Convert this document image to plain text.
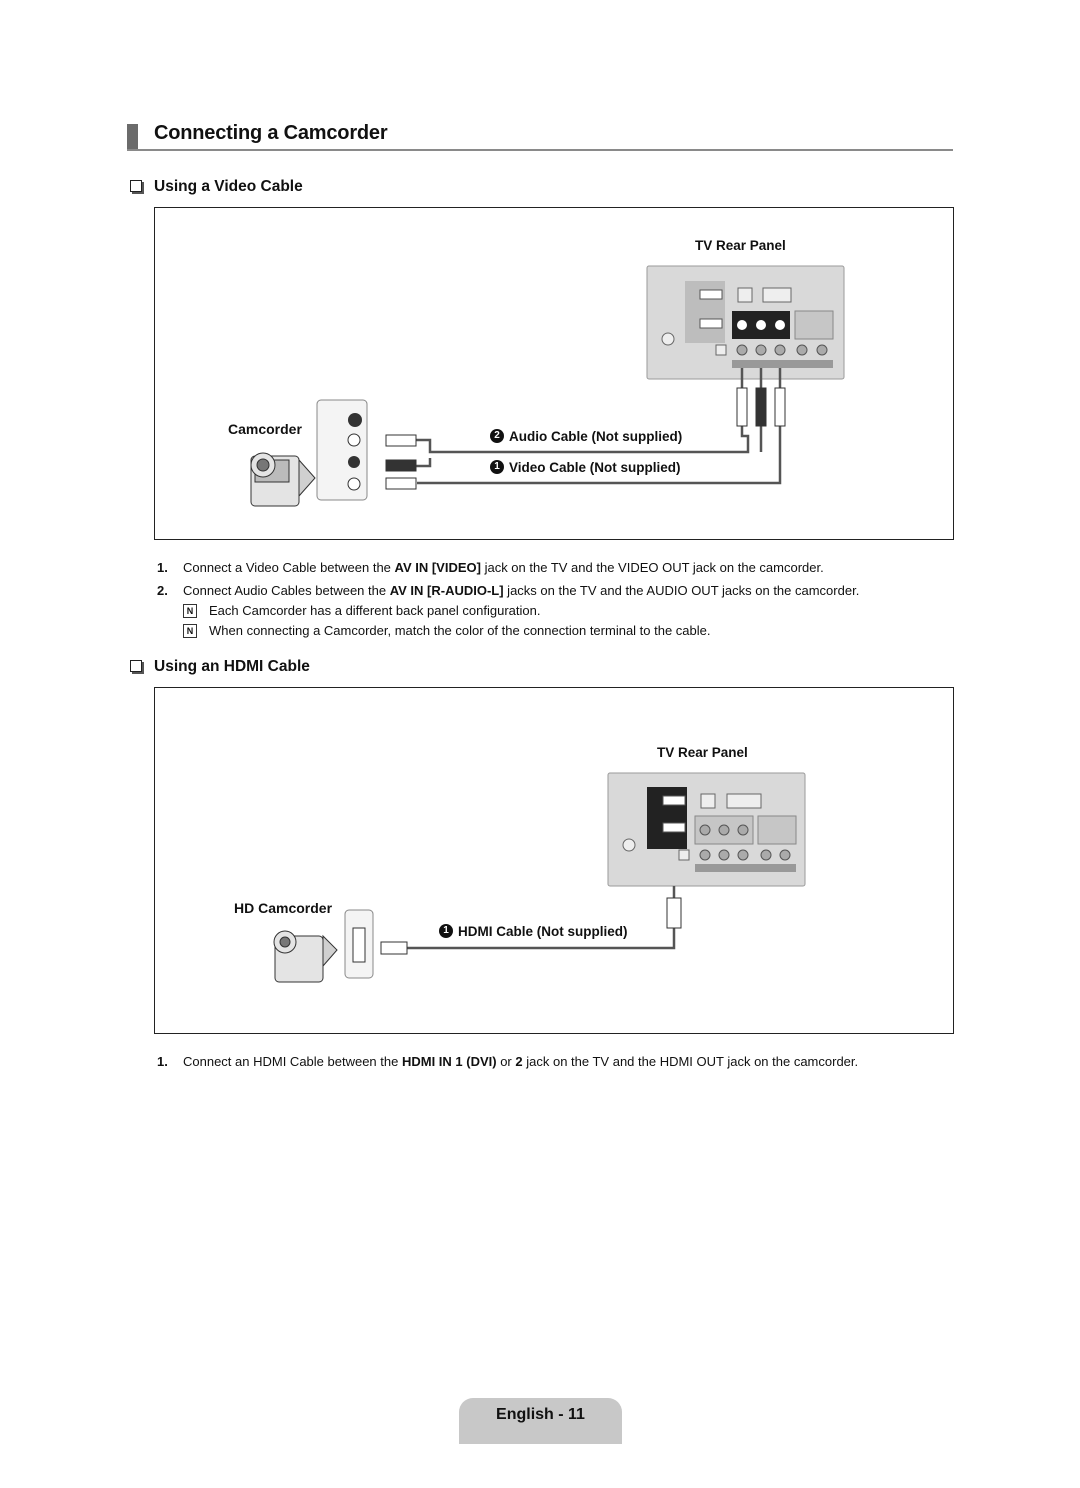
Connecting a Camcorder
Using a Video Cable
TV Rear Panel
Camcorder	2 Audio Cable (Not supplied)
1 Video Cable (Not supplied)
1. Connect a Video Cable between the AV IN [VIDEO] jack on the TV and the VIDEO OUT jack on the camcorder.
2. Connect Audio Cables between the AV IN [R-AUDIO-L] jacks on the TV and the AUDIO OUT jacks on the camcorder.
N Each Camcorder has a different back panel configuration.
N When connecting a Camcorder, match the color of the connection terminal to the cable.
Using an HDMI Cable
TV Rear Panel
HD Camcorder
1 HDMI Cable (Not supplied)
1. Connect an HDMI Cable between the HDMI IN 1 (DVI) or 2 jack on the TV and the HDMI OUT jack on the camcorder.
English - 11
